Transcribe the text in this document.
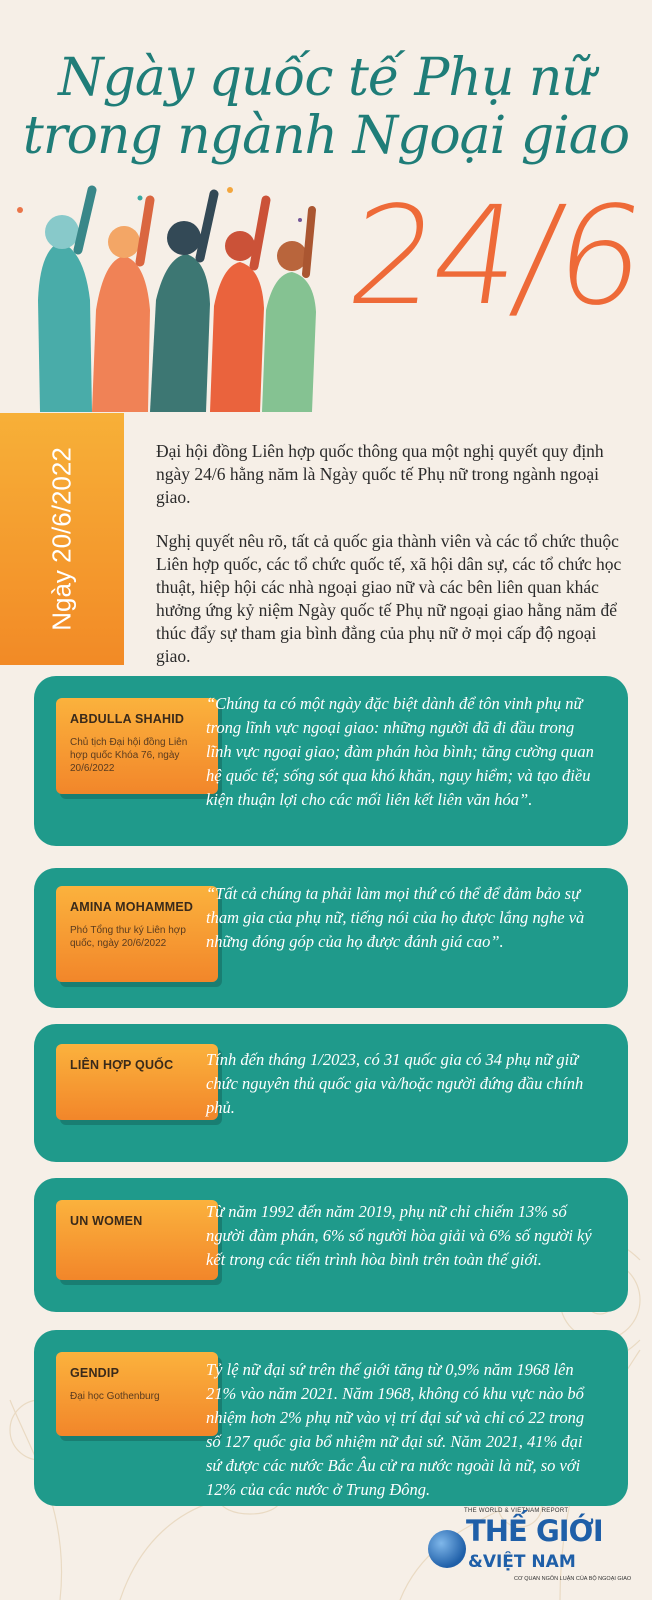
Ngày quốc tế Phụ nữ
trong ngành Ngoại giao
24/6
Ngày 20/6/2022	Đại hội đồng Liên hợp quốc thông qua một nghị quyết quy định ngày 24/6 hằng năm là Ngày quốc tế Phụ nữ trong ngành ngoại giao.

Nghị quyết nêu rõ, tất cả quốc gia thành viên và các tổ chức thuộc Liên hợp quốc, các tổ chức quốc tế, xã hội dân sự, các tổ chức học thuật, hiệp hội các nhà ngoại giao nữ và các bên liên quan khác hưởng ứng kỷ niệm Ngày quốc tế Phụ nữ ngoại giao hằng năm để thúc đẩy sự tham gia bình đẳng của phụ nữ ở mọi cấp độ ngoại giao.

ABDULLA SHAHID
Chủ tịch Đại hội đồng Liên hợp quốc Khóa 76, ngày 20/6/2022
“Chúng ta có một ngày đặc biệt dành để tôn vinh phụ nữ trong lĩnh vực ngoại giao: những người đã đi đầu trong lĩnh vực ngoại giao; đàm phán hòa bình; tăng cường quan hệ quốc tế; sống sót qua khó khăn, nguy hiểm; và tạo điều kiện thuận lợi cho các mối liên kết liên văn hóa”.
AMINA MOHAMMED
Phó Tổng thư ký Liên hợp quốc, ngày 20/6/2022
“Tất cả chúng ta phải làm mọi thứ có thể để đảm bảo sự tham gia của phụ nữ, tiếng nói của họ được lắng nghe và những đóng góp của họ được đánh giá cao”.
LIÊN HỢP QUỐC	Tính đến tháng 1/2023, có 31 quốc gia có 34 phụ nữ giữ chức nguyên thủ quốc gia và/hoặc người đứng đầu chính phủ.
UN WOMEN	Từ năm 1992 đến năm 2019, phụ nữ chỉ chiếm 13% số người đàm phán, 6% số người hòa giải và 6% số người ký kết trong các tiến trình hòa bình trên toàn thế giới.
GENDIP
Đại học Gothenburg
Tỷ lệ nữ đại sứ trên thế giới tăng từ 0,9% năm 1968 lên 21% vào năm 2021. Năm 1968, không có khu vực nào bổ nhiệm hơn 2% phụ nữ vào vị trí đại sứ và chỉ có 22 trong số 127 quốc gia bổ nhiệm nữ đại sứ. Năm 2021, 41% đại sứ được các nước Bắc Âu cử ra nước ngoài là nữ, so với 12% của các nước ở Trung Đông.
THE WORLD & VIETNAM REPORT
THẾ GIỚI
&VIỆT NAM
CƠ QUAN NGÔN LUẬN CỦA BỘ NGOẠI GIAO
